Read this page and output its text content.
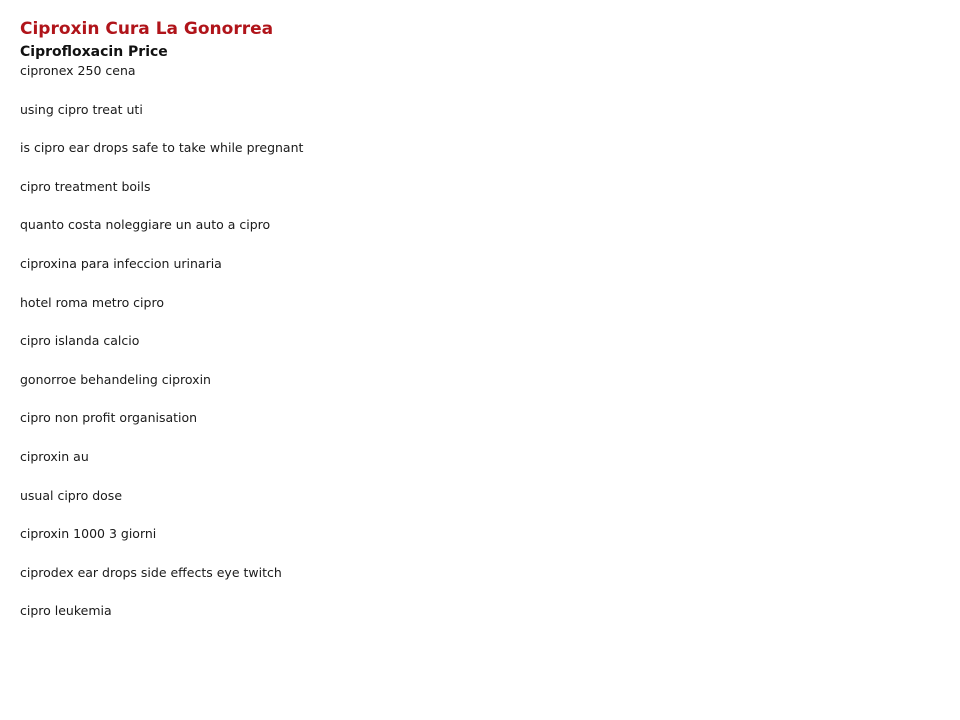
Ciproxin Cura La Gonorrea
Ciprofloxacin Price
cipronex 250 cena
using cipro treat uti
is cipro ear drops safe to take while pregnant
cipro treatment boils
quanto costa noleggiare un auto a cipro
ciproxina para infeccion urinaria
hotel roma metro cipro
cipro islanda calcio
gonorroe behandeling ciproxin
cipro non profit organisation
ciproxin au
usual cipro dose
ciproxin 1000 3 giorni
ciprodex ear drops side effects eye twitch
cipro leukemia
